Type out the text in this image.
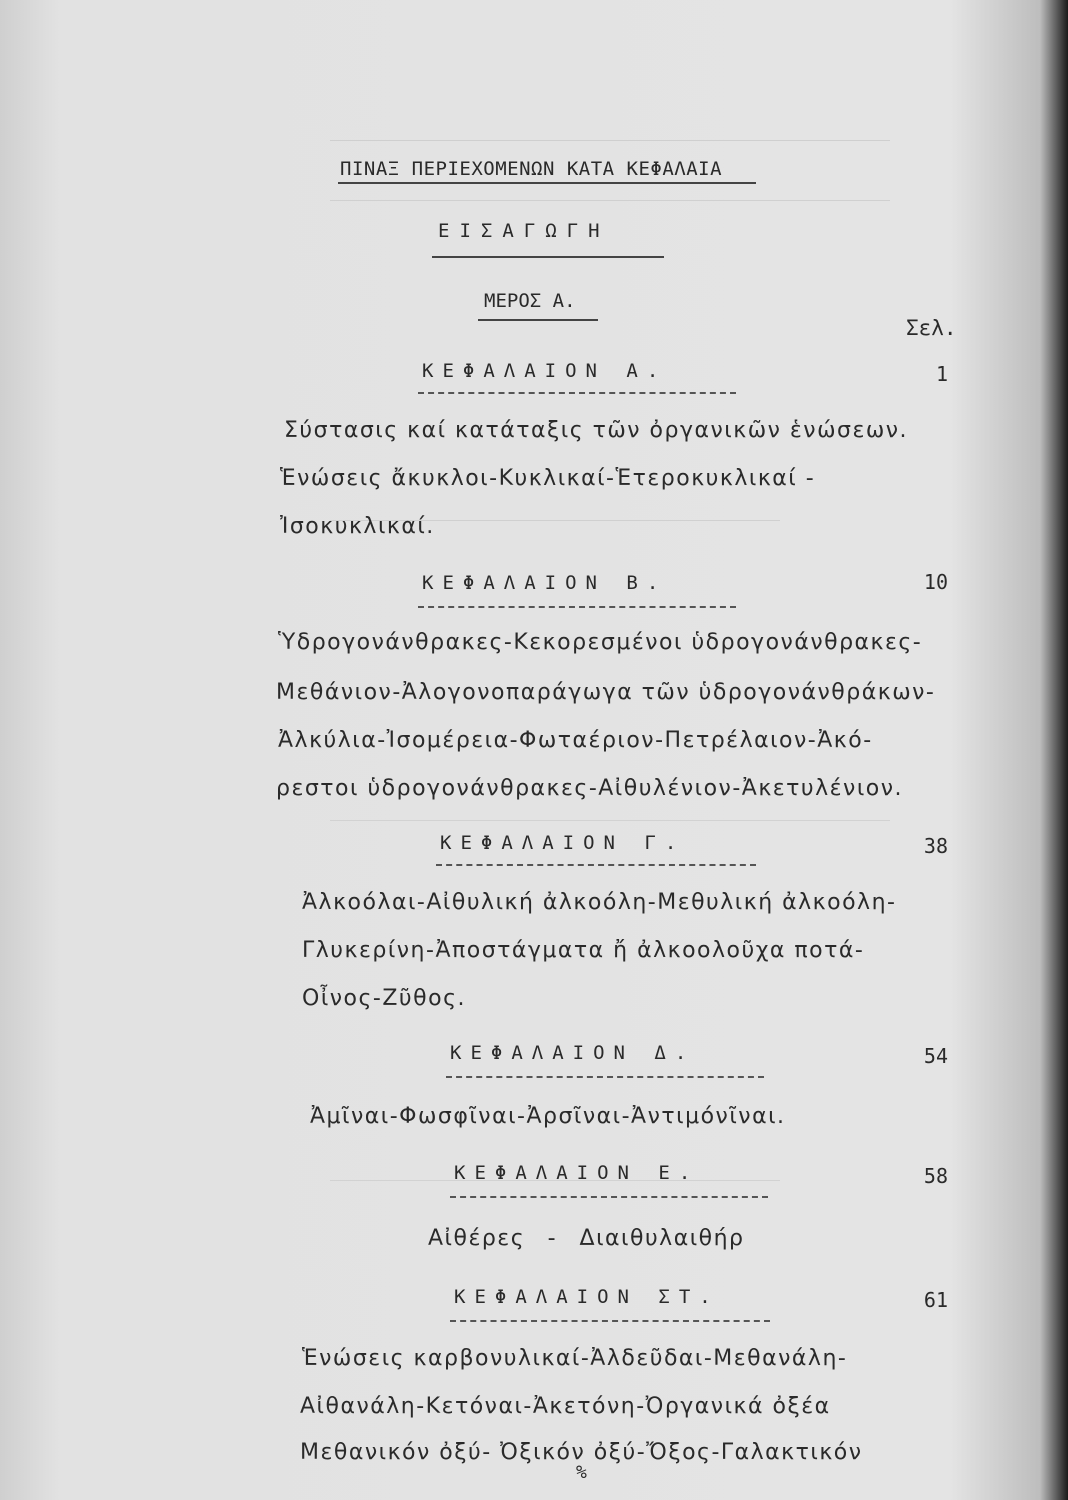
ΠΙΝΑΞ ΠΕΡΙΕΧΟΜΕΝΩΝ ΚΑΤΑ ΚΕΦΑΛΑΙΑ
ΕΙΣΑΓΩΓΗ
ΜΕΡΟΣ Α.
Σελ.
ΚΕΦΑΛΑΙΟΝ Α.	1
Σύστασις καί κατάταξις τῶν ὀργανικῶν ἑνώσεων.
Ἑνώσεις ἄκυκλοι-Κυκλικαί-Ἑτεροκυκλικαί -
Ἰσοκυκλικαί.
ΚΕΦΑΛΑΙΟΝ Β.	10
Ὑδρογονάνθρακες-Κεκορεσμένοι ὑδρογονάνθρακες-
Μεθάνιον-Ἀλογονοπαράγωγα τῶν ὑδρογονάνθράκων-
Ἀλκύλια-Ἰσομέρεια-Φωταέριον-Πετρέλαιον-Ἀκό-
ρεστοι ὑδρογονάνθρακες-Αἰθυλένιον-Ἀκετυλένιον.
ΚΕΦΑΛΑΙΟΝ Γ.	38
Ἀλκοόλαι-Αἰθυλική ἀλκοόλη-Μεθυλική ἀλκοόλη-
Γλυκερίνη-Ἀποστάγματα ἤ ἀλκοολοῦχα ποτά-
Οἶνος-Ζῦθος.
ΚΕΦΑΛΑΙΟΝ Δ.	54
Ἀμῖναι-Φωσφῖναι-Ἀρσῖναι-Ἀντιμόνῖναι.
ΚΕΦΑΛΑΙΟΝ Ε.	58
Αἰθέρες - Διαιθυλαιθήρ
ΚΕΦΑΛΑΙΟΝ ΣΤ.	61
Ἑνώσεις καρβονυλικαί-Ἀλδεῦδαι-Μεθανάλη-
Αἰθανάλη-Κετόναι-Ἀκετόνη-Ὀργανικά ὀξέα
Μεθανικόν ὀξύ- Ὀξικόν ὀξύ-Ὄξος-Γαλακτικόν
%
